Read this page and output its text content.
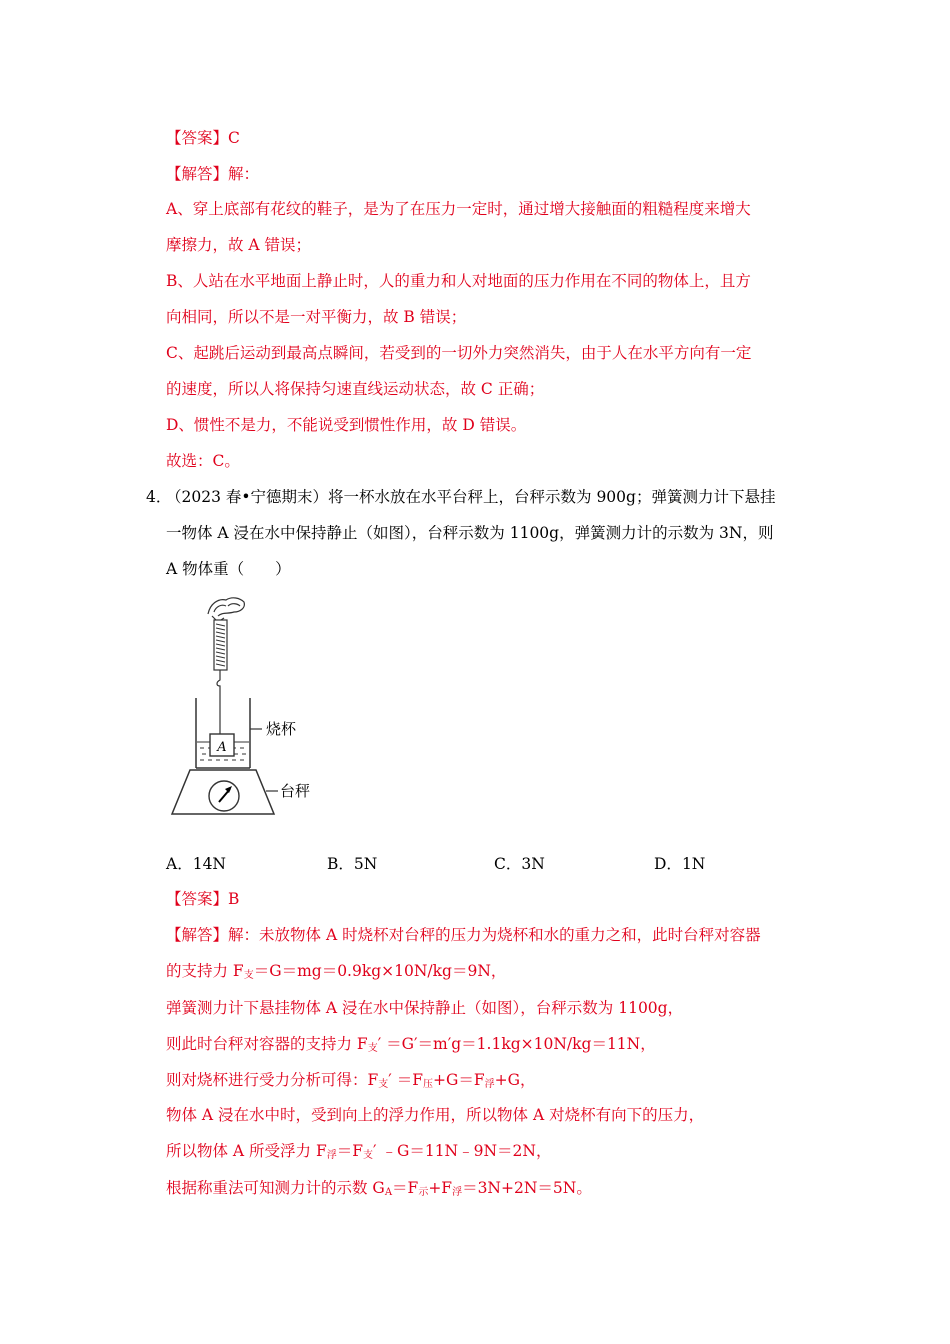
【答案】C
【解答】解：
A、穿上底部有花纹的鞋子，是为了在压力一定时，通过增大接触面的粗糙程度来增大
摩擦力，故 A 错误；
B、人站在水平地面上静止时，人的重力和人对地面的压力作用在不同的物体上，且方
向相同，所以不是一对平衡力，故 B 错误；
C、起跳后运动到最高点瞬间，若受到的一切外力突然消失，由于人在水平方向有一定
的速度，所以人将保持匀速直线运动状态，故 C 正确；
D、惯性不是力，不能说受到惯性作用，故 D 错误。
故选：C。
4．
（2023 春•宁德期末）将一杯水放在水平台秤上，台秤示数为 900g；弹簧测力计下悬挂
一物体 A 浸在水中保持静止（如图），台秤示数为 1100g，弹簧测力计的示数为 3N，则
A 物体重（　　）
A
烧杯
台秤
A．14N	B．5N	C．3N	D．1N
【答案】B
【解答】解：未放物体 A 时烧杯对台秤的压力为烧杯和水的重力之和，此时台秤对容器
的支持力 $F_支=G=mg=0.9kg\times 10N/kg=9N$，
弹簧测力计下悬挂物体 A 浸在水中保持静止（如图），台秤示数为 1100g，
则此时台秤对容器的支持力 $F_支' =G'=m'g=1.1kg\times 10N/kg=11N$，
则对烧杯进行受力分析可得：$F_支' =F_压+G=F_浮+G$，
物体 A 浸在水中时，受到向上的浮力作用，所以物体 A 对烧杯有向下的压力，
所以物体 A 所受浮力 $F_浮=F_支'$ ﹣G＝11N﹣9N＝2N，
根据称重法可知测力计的示数 $G_A=F_示+F_浮=3N+2N=5N$。
